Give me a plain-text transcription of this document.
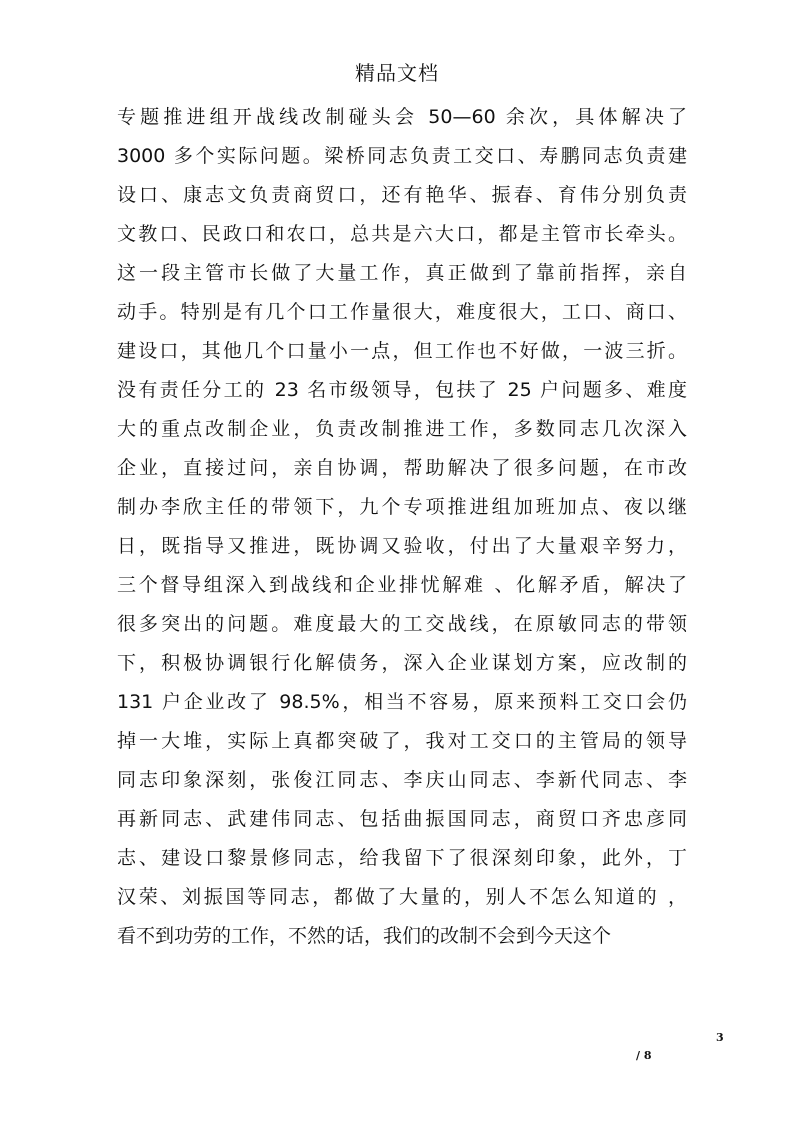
精品文档
专题推进组开战线改制碰头会 50—60 余次，具体解决了
3000 多个实际问题。梁桥同志负责工交口、寿鹏同志负责建
设口、康志文负责商贸口，还有艳华、振春、育伟分别负责
文教口、民政口和农口，总共是六大口，都是主管市长牵头。
这一段主管市长做了大量工作，真正做到了靠前指挥，亲自
动手。特别是有几个口工作量很大，难度很大，工口、商口、
建设口，其他几个口量小一点，但工作也不好做，一波三折。
没有责任分工的 23 名市级领导，包扶了 25 户问题多、难度
大的重点改制企业，负责改制推进工作，多数同志几次深入
企业，直接过问，亲自协调，帮助解决了很多问题，在市改
制办李欣主任的带领下，九个专项推进组加班加点、夜以继
日，既指导又推进，既协调又验收，付出了大量艰辛努力，
三个督导组深入到战线和企业排忧解难 、化解矛盾，解决了
很多突出的问题。难度最大的工交战线，在原敏同志的带领
下，积极协调银行化解债务，深入企业谋划方案，应改制的
131 户企业改了 98.5%，相当不容易，原来预料工交口会仍
掉一大堆，实际上真都突破了，我对工交口的主管局的领导
同志印象深刻，张俊江同志、李庆山同志、李新代同志、李
再新同志、武建伟同志、包括曲振国同志，商贸口齐忠彦同
志、建设口黎景修同志，给我留下了很深刻印象，此外，丁
汉荣、刘振国等同志，都做了大量的，别人不怎么知道的 ，
看不到功劳的工作，不然的话，我们的改制不会到今天这个
3
/ 8
